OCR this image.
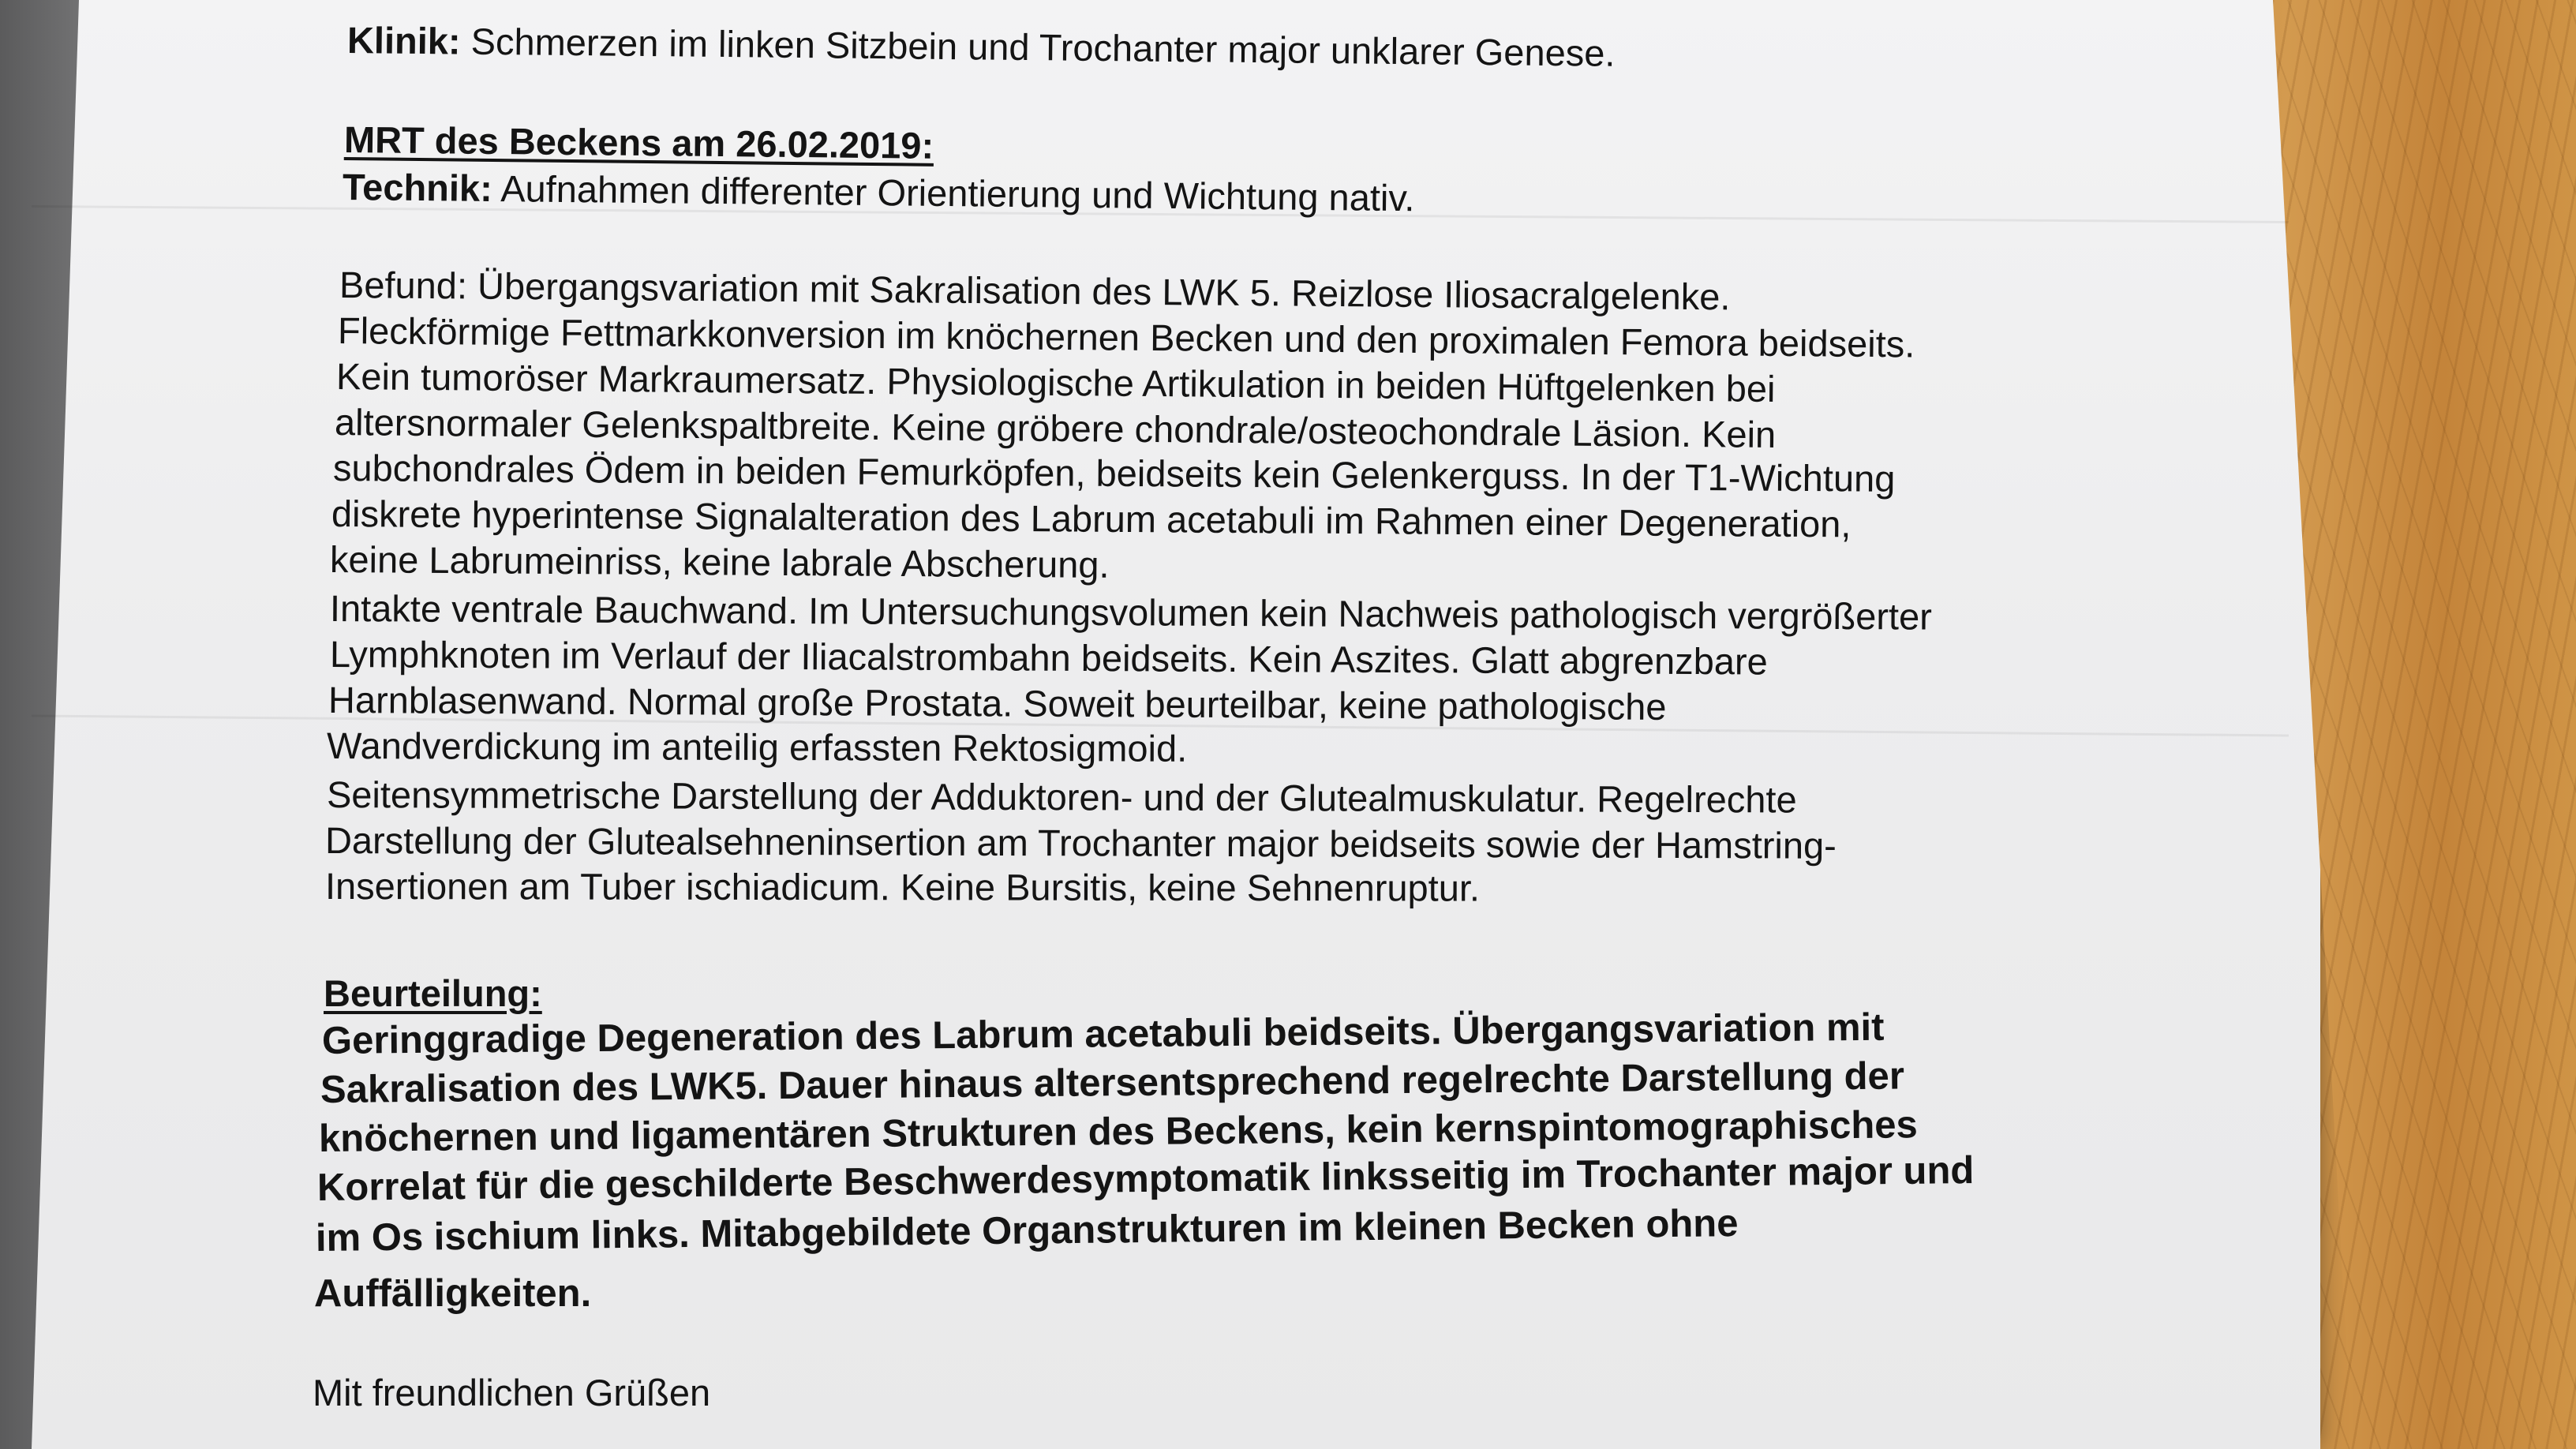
Klinik: Schmerzen im linken Sitzbein und Trochanter major unklarer Genese.
MRT des Beckens am 26.02.2019:
Technik: Aufnahmen differenter Orientierung und Wichtung nativ.
Befund: Übergangsvariation mit Sakralisation des LWK 5. Reizlose Iliosacralgelenke.
Fleckförmige Fettmarkkonversion im knöchernen Becken und den proximalen Femora beidseits.
Kein tumoröser Markraumersatz. Physiologische Artikulation in beiden Hüftgelenken bei
altersnormaler Gelenkspaltbreite. Keine gröbere chondrale/osteochondrale Läsion. Kein
subchondrales Ödem in beiden Femurköpfen, beidseits kein Gelenkerguss. In der T1-Wichtung
diskrete hyperintense Signalalteration des Labrum acetabuli im Rahmen einer Degeneration,
keine Labrumeinriss, keine labrale Abscherung.
Intakte ventrale Bauchwand. Im Untersuchungsvolumen kein Nachweis pathologisch vergrößerter
Lymphknoten im Verlauf der Iliacalstrombahn beidseits. Kein Aszites. Glatt abgrenzbare
Harnblasenwand. Normal große Prostata. Soweit beurteilbar, keine pathologische
Wandverdickung im anteilig erfassten Rektosigmoid.
Seitensymmetrische Darstellung der Adduktoren- und der Glutealmuskulatur. Regelrechte
Darstellung der Glutealsehneninsertion am Trochanter major beidseits sowie der Hamstring-
Insertionen am Tuber ischiadicum. Keine Bursitis, keine Sehnenruptur.
Beurteilung:
Geringgradige Degeneration des Labrum acetabuli beidseits. Übergangsvariation mit
Sakralisation des LWK5. Dauer hinaus altersentsprechend regelrechte Darstellung der
knöchernen und ligamentären Strukturen des Beckens, kein kernspintomographisches
Korrelat für die geschilderte Beschwerdesymptomatik linksseitig im Trochanter major und
im Os ischium links. Mitabgebildete Organstrukturen im kleinen Becken ohne
Auffälligkeiten.
Mit freundlichen Grüßen
